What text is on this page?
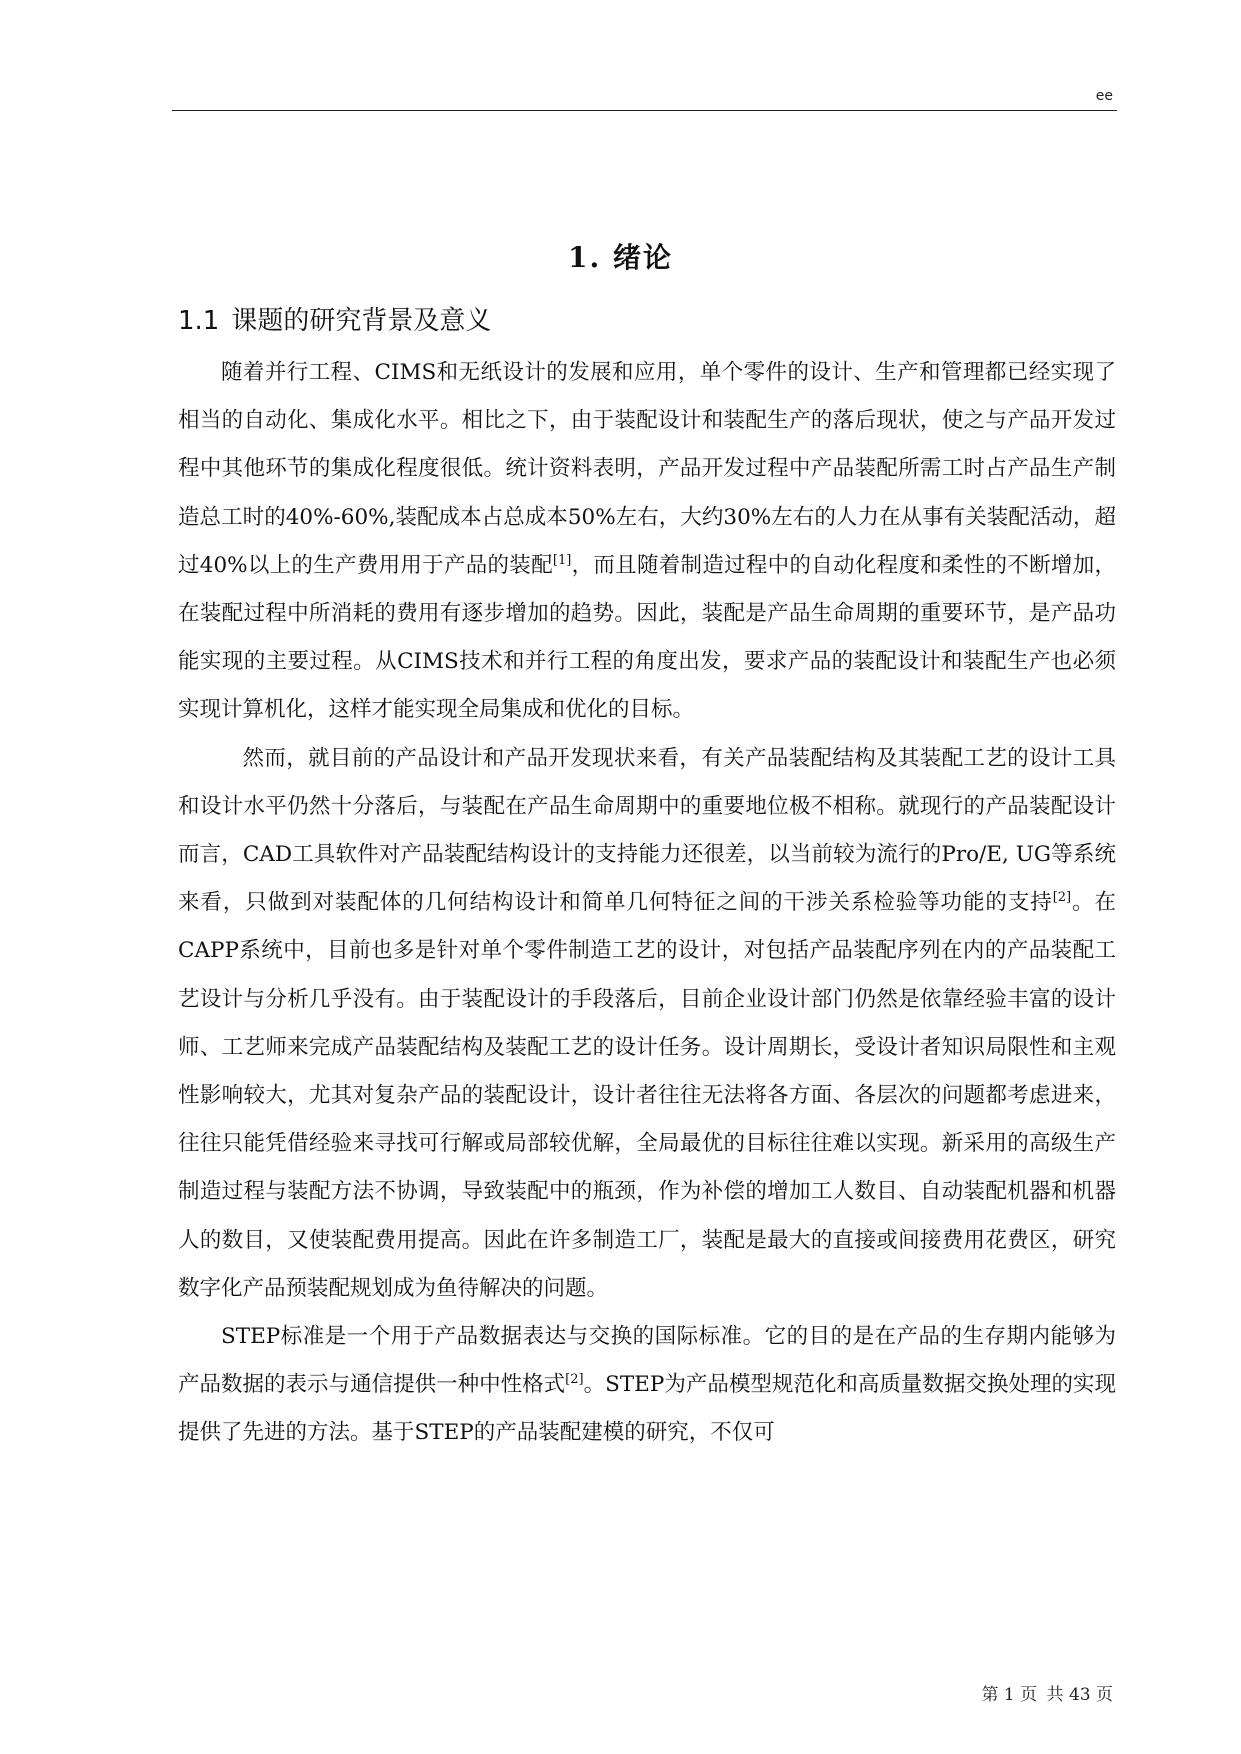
ee
1. 绪论
1.1 课题的研究背景及意义

随着并行工程、CIMS和无纸设计的发展和应用，单个零件的设计、生产和管理都已经实现了相当的自动化、集成化水平。相比之下，由于装配设计和装配生产的落后现状，使之与产品开发过程中其他环节的集成化程度很低。统计资料表明，产品开发过程中产品装配所需工时占产品生产制造总工时的40%-60%,装配成本占总成本50%左右，大约30%左右的人力在从事有关装配活动，超过40%以上的生产费用用于产品的装配[1]，而且随着制造过程中的自动化程度和柔性的不断增加，在装配过程中所消耗的费用有逐步增加的趋势。因此，装配是产品生命周期的重要环节，是产品功能实现的主要过程。从CIMS技术和并行工程的角度出发，要求产品的装配设计和装配生产也必须实现计算机化，这样才能实现全局集成和优化的目标。

然而，就目前的产品设计和产品开发现状来看，有关产品装配结构及其装配工艺的设计工具和设计水平仍然十分落后，与装配在产品生命周期中的重要地位极不相称。就现行的产品装配设计而言，CAD工具软件对产品装配结构设计的支持能力还很差，以当前较为流行的Pro/E, UG等系统来看，只做到对装配体的几何结构设计和简单几何特征之间的干涉关系检验等功能的支持[2]。在CAPP系统中，目前也多是针对单个零件制造工艺的设计，对包括产品装配序列在内的产品装配工艺设计与分析几乎没有。由于装配设计的手段落后，目前企业设计部门仍然是依靠经验丰富的设计师、工艺师来完成产品装配结构及装配工艺的设计任务。设计周期长，受设计者知识局限性和主观性影响较大，尤其对复杂产品的装配设计，设计者往往无法将各方面、各层次的问题都考虑进来，往往只能凭借经验来寻找可行解或局部较优解，全局最优的目标往往难以实现。新采用的高级生产制造过程与装配方法不协调，导致装配中的瓶颈，作为补偿的增加工人数目、自动装配机器和机器人的数目，又使装配费用提高。因此在许多制造工厂，装配是最大的直接或间接费用花费区，研究数字化产品预装配规划成为鱼待解决的问题。

STEP标准是一个用于产品数据表达与交换的国际标准。它的目的是在产品的生存期内能够为产品数据的表示与通信提供一种中性格式[2]。STEP为产品模型规范化和高质量数据交换处理的实现提供了先进的方法。基于STEP的产品装配建模的研究，不仅可

第 1 页 共 43 页
